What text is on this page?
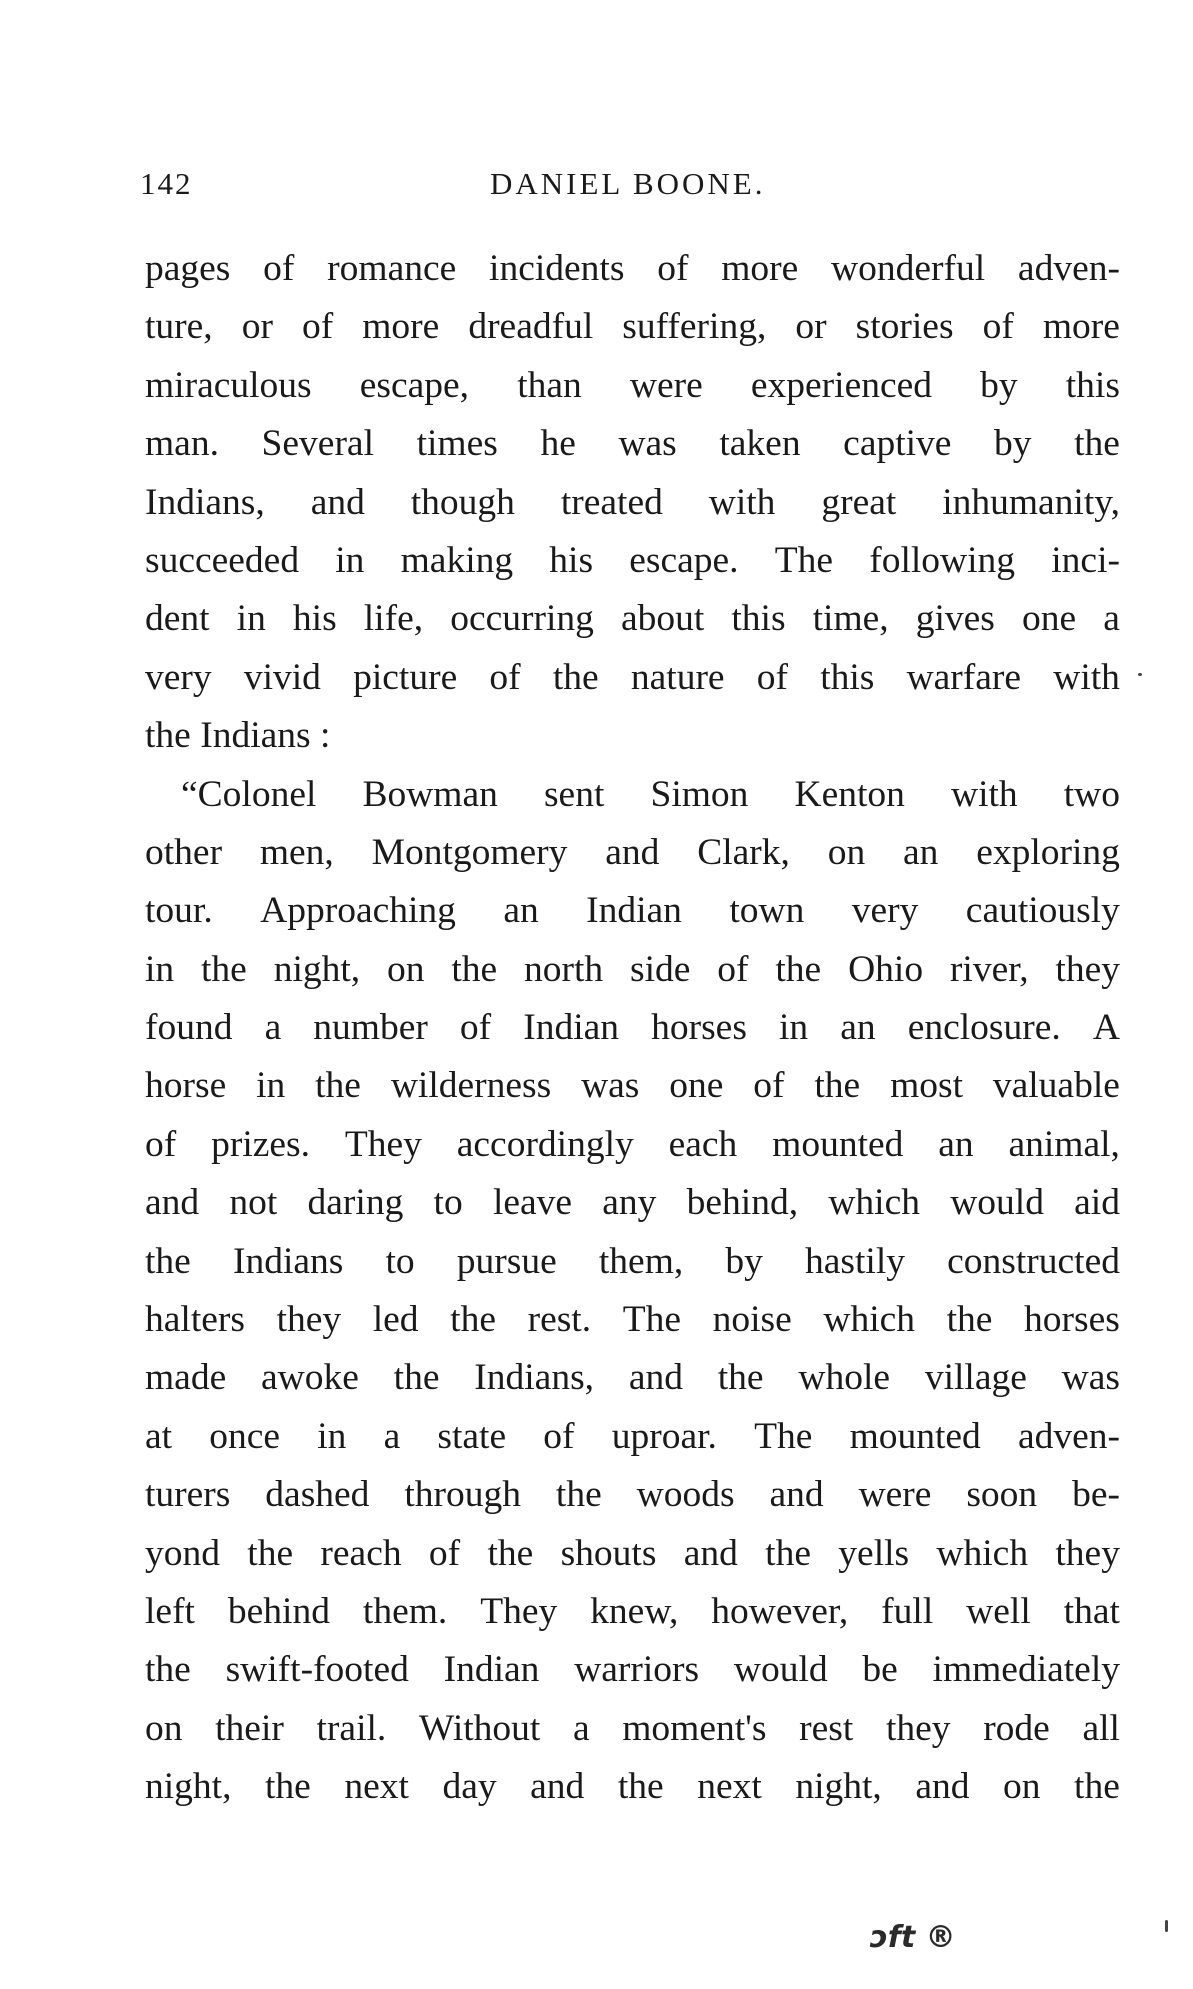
142	DANIEL BOONE.
pages of romance incidents of more wonderful adven-
ture, or of more dreadful suffering, or stories of more
miraculous escape, than were experienced by this
man. Several times he was taken captive by the
Indians, and though treated with great inhumanity,
succeeded in making his escape. The following inci-
dent in his life, occurring about this time, gives one a
very vivid picture of the nature of this warfare with
the
Indians
:
“Colonel Bowman sent Simon Kenton with two
other men, Montgomery and Clark, on an exploring
tour. Approaching an Indian town very cautiously
in the night, on the north side of the Ohio river, they
found a number of Indian horses in an enclosure. A
horse in the wilderness was one of the most valuable
of prizes. They accordingly each mounted an animal,
and not daring to leave any behind, which would aid
the Indians to pursue them, by hastily constructed
halters they led the rest. The noise which the horses
made awoke the Indians, and the whole village was
at once in a state of uproar. The mounted adven-
turers dashed through the woods and were soon be-
yond the reach of the shouts and the yells which they
left behind them. They knew, however, full well that
the swift-footed Indian warriors would be immediately
on their trail. Without a moment's rest they rode all
night, the next day and the next night, and on the
ɔft ®
